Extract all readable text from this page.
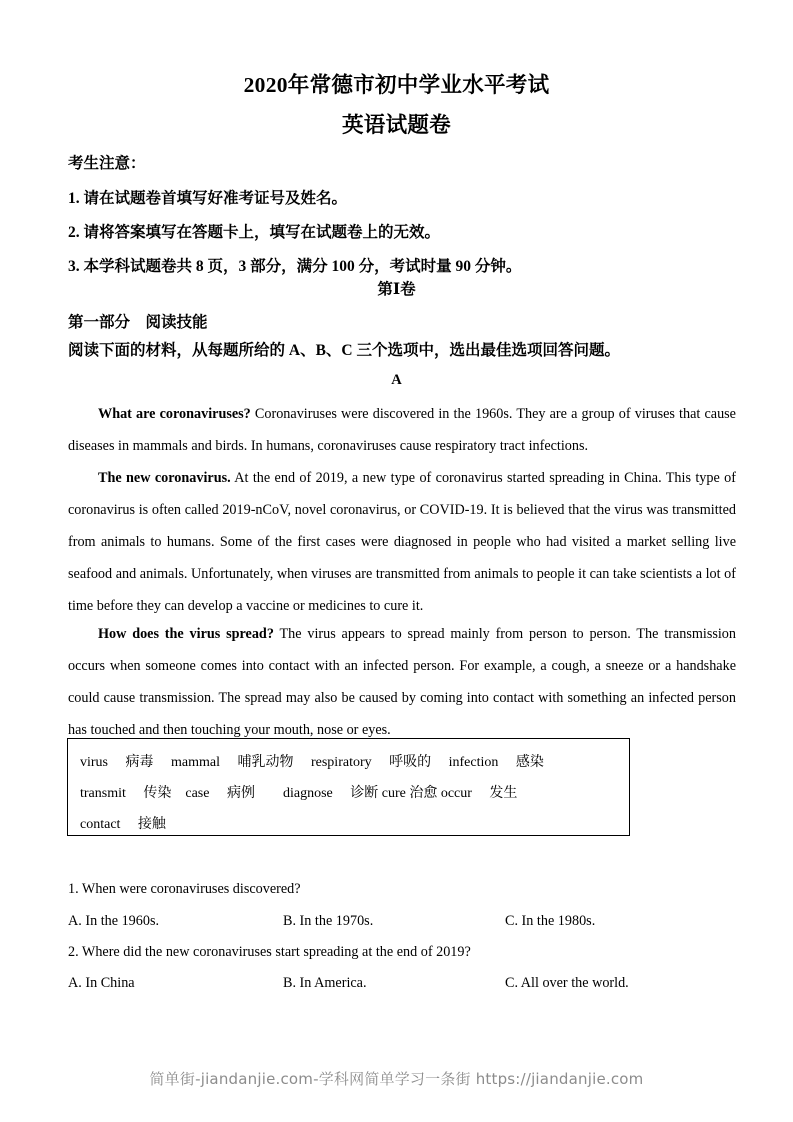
2020年常德市初中学业水平考试
英语试题卷
考生注意：
1. 请在试题卷首填写好准考证号及姓名。
2. 请将答案填写在答题卡上，填写在试题卷上的无效。
3. 本学科试题卷共 8 页，3 部分，满分 100 分，考试时量 90 分钟。
第Ⅰ卷
第一部分　阅读技能
阅读下面的材料，从每题所给的 A、B、C 三个选项中，选出最佳选项回答问题。
A
What are coronaviruses? Coronaviruses were discovered in the 1960s. They are a group of viruses that cause diseases in mammals and birds. In humans, coronaviruses cause respiratory tract infections.
The new coronavirus. At the end of 2019, a new type of coronavirus started spreading in China. This type of coronavirus is often called 2019-nCoV, novel coronavirus, or COVID-19. It is believed that the virus was transmitted from animals to humans. Some of the first cases were diagnosed in people who had visited a market selling live seafood and animals. Unfortunately, when viruses are transmitted from animals to people it can take scientists a lot of time before they can develop a vaccine or medicines to cure it.
How does the virus spread? The virus appears to spread mainly from person to person. The transmission occurs when someone comes into contact with an infected person. For example, a cough, a sneeze or a handshake could cause transmission. The spread may also be caused by coming into contact with something an infected person has touched and then touching your mouth, nose or eyes.
virus　 病毒　 mammal　 哺乳动物　 respiratory　 呼吸的　 infection　 感染
transmit　 传染　case　 病例　　diagnose　 诊断 cure 治愈 occur　 发生
contact　 接触
1. When were coronaviruses discovered?
A. In the 1960s.	B. In the 1970s.	C. In the 1980s.
2. Where did the new coronaviruses start spreading at the end of 2019?
A. In China	B. In America.	C. All over the world.
简单街-jiandanjie.com-学科网简单学习一条街 https://jiandanjie.com
